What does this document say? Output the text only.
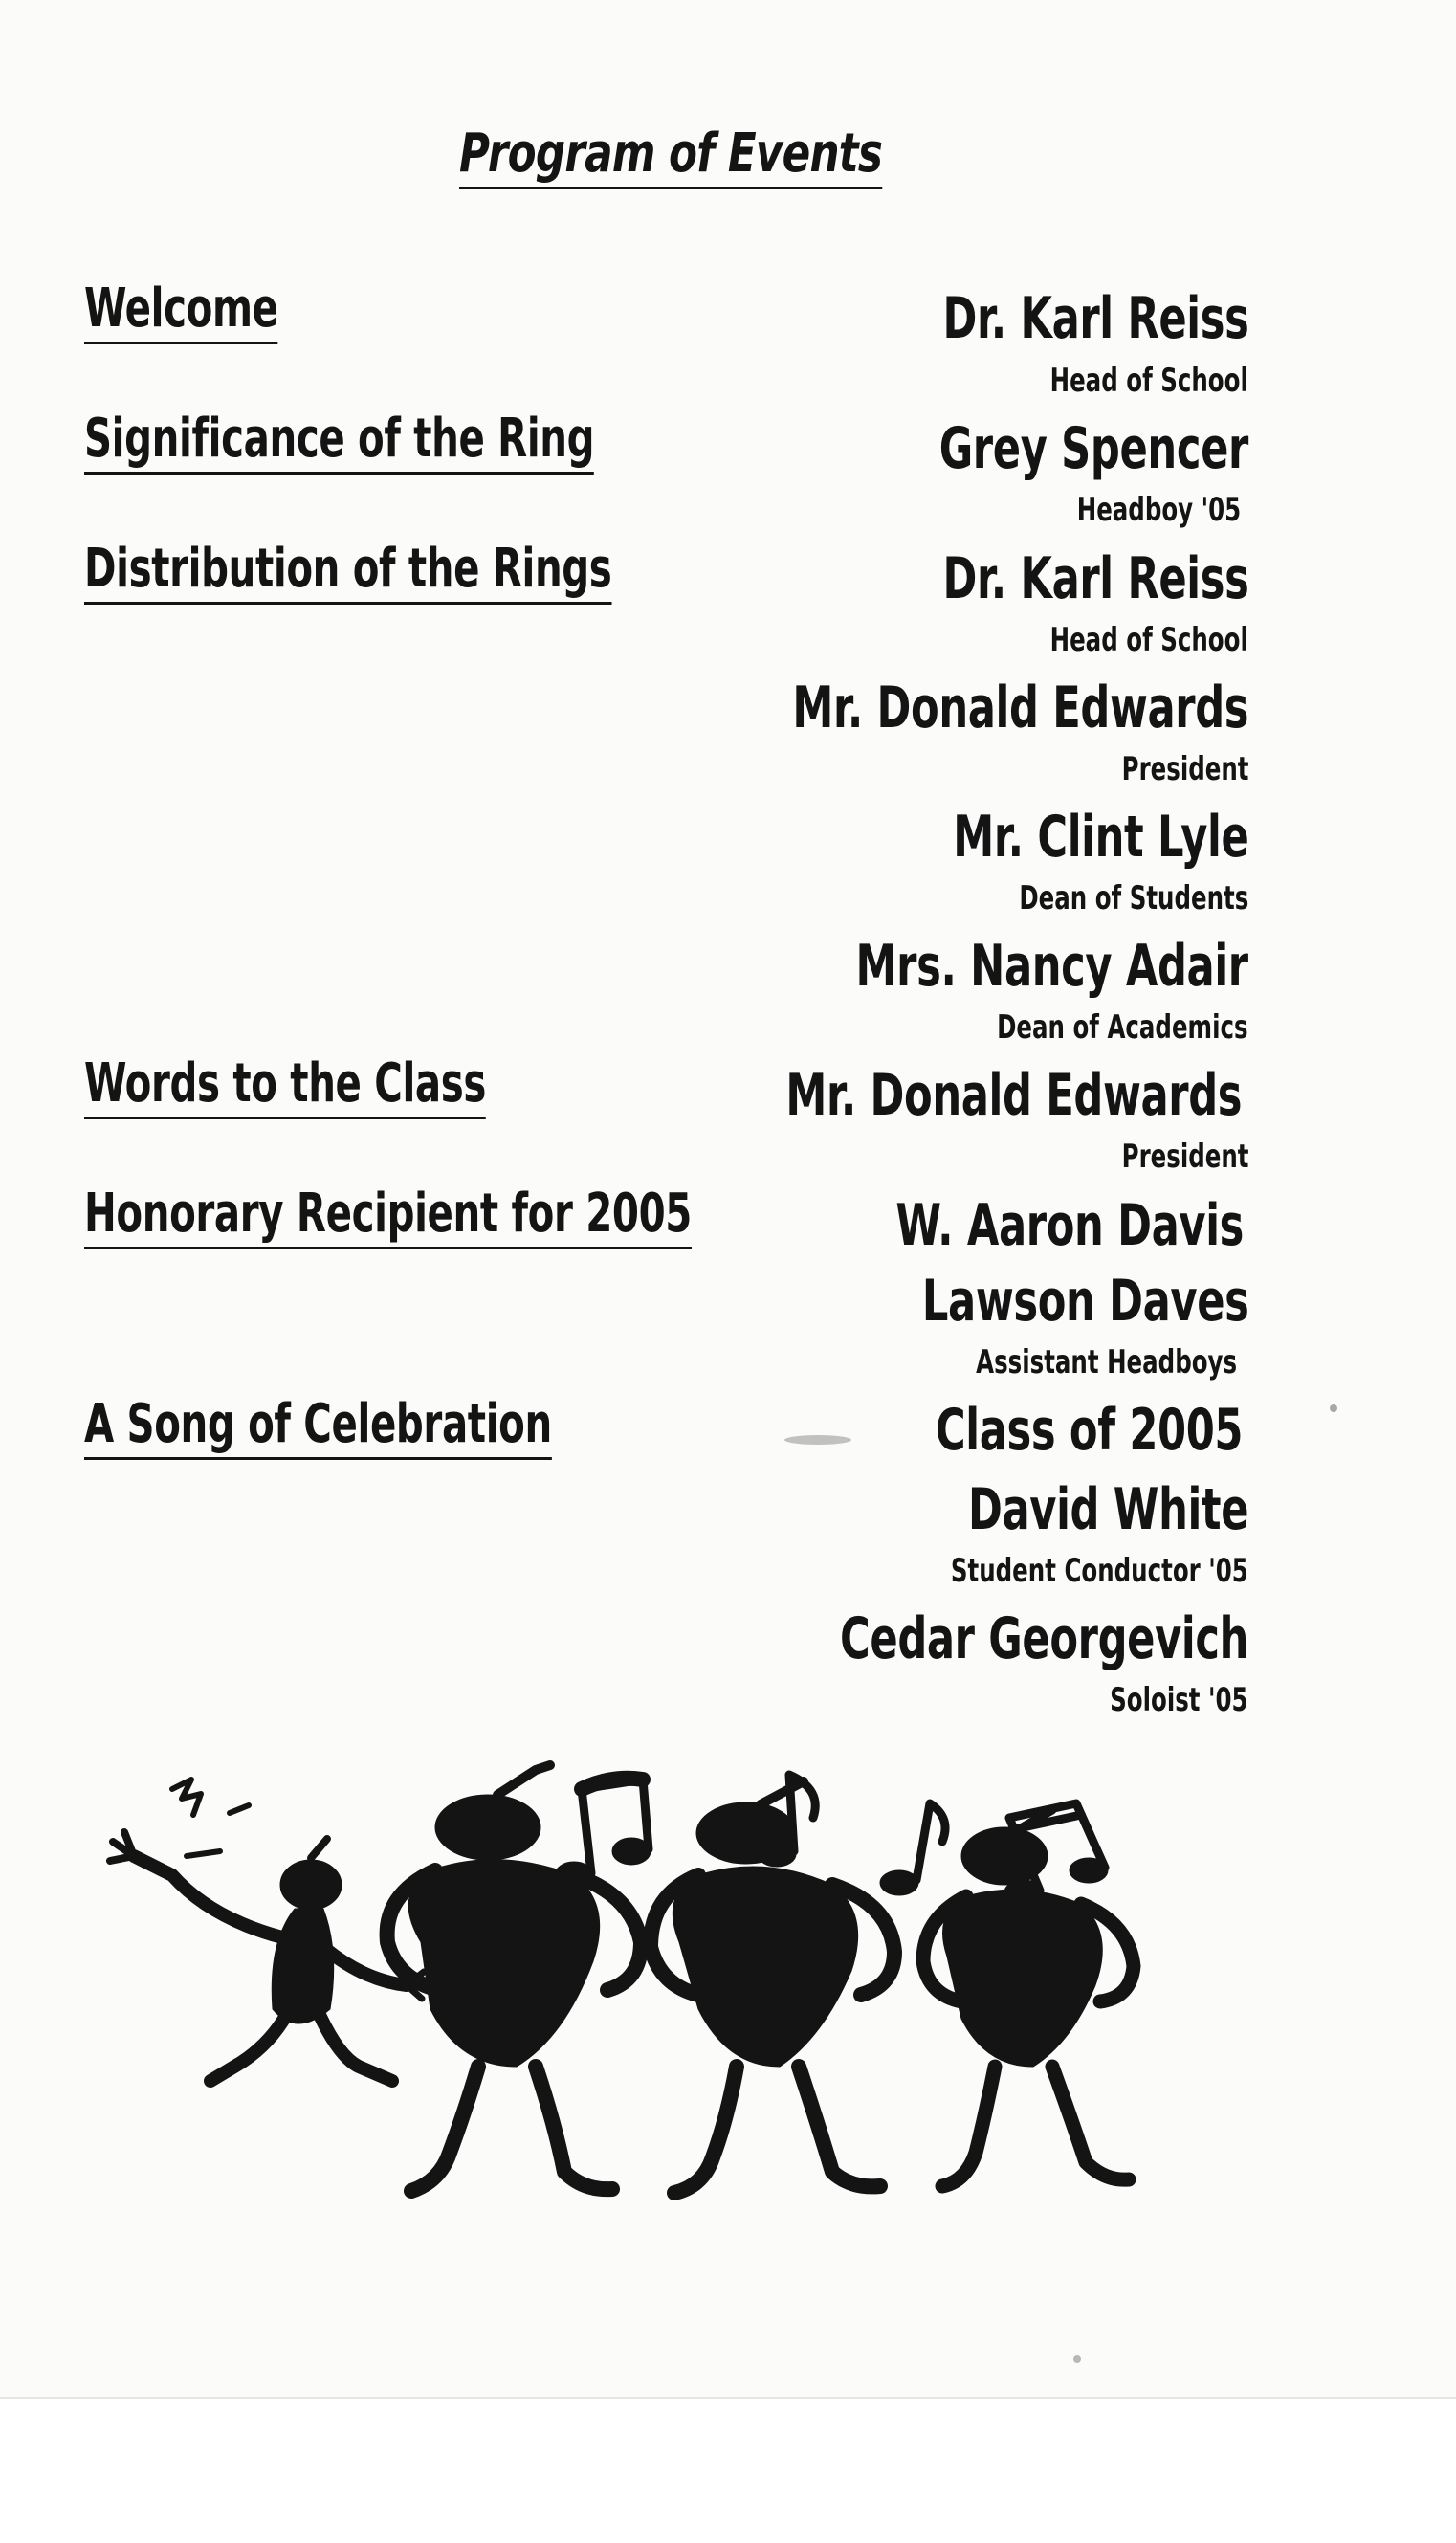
Program of Events
Welcome
Significance of the Ring
Distribution of the Rings
Words to the Class
Honorary Recipient for 2005
A Song of Celebration
Dr. Karl Reiss
Head of School
Grey Spencer
Headboy '05
Dr. Karl Reiss
Head of School
Mr. Donald Edwards
President
Mr. Clint Lyle
Dean of Students
Mrs. Nancy Adair
Dean of Academics
Mr. Donald Edwards
President
W. Aaron Davis
Lawson Daves
Assistant Headboys
Class of 2005
David White
Student Conductor '05
Cedar Georgevich
Soloist '05
